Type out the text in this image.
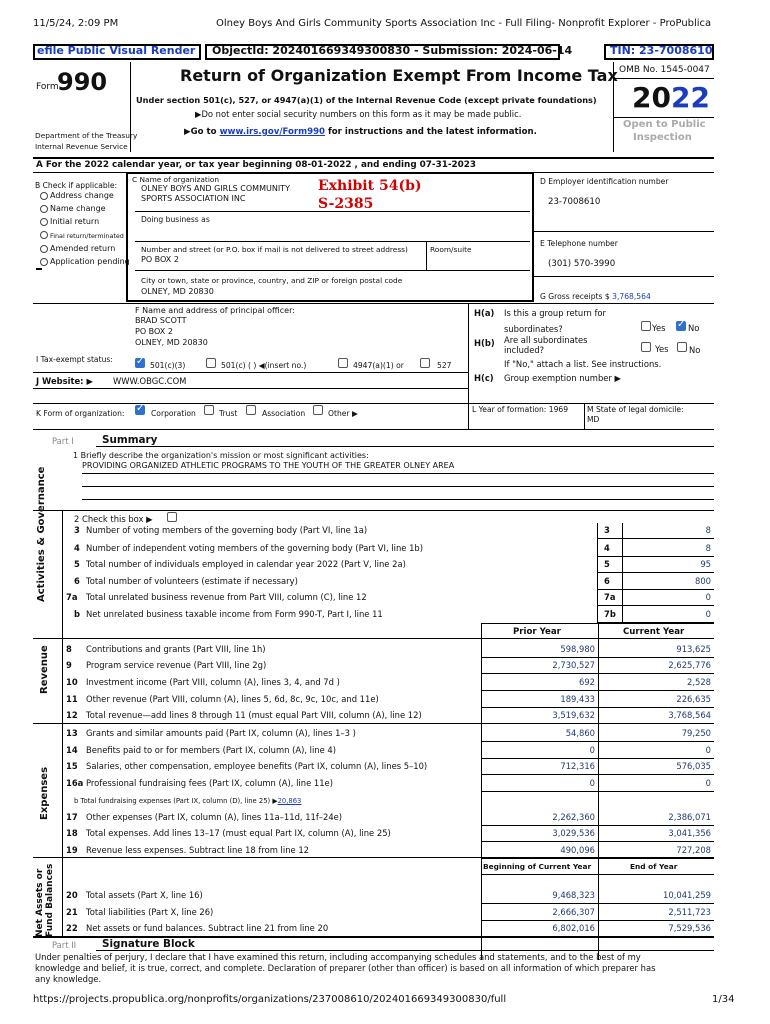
11/5/24, 2:09 PM	Olney Boys And Girls Community Sports Association Inc - Full Filing- Nonprofit Explorer - ProPublica
https://projects.propublica.org/nonprofits/organizations/237008610/202401669349300830/full	1/34
efile Public Visual Render ObjectId: 202401669349300830 - Submission: 2024-06-14	TIN: 23-7008610
Form
990	Return of Organization Exempt From Income Tax
Under section 501(c), 527, or 4947(a)(1) of the Internal Revenue Code (except private foundations)
▶Do not enter social security numbers on this form as it may be made public.
▶Go to www.irs.gov/Form990 for instructions and the latest information.
Department of the Treasury
Internal Revenue Service
OMB No. 1545-0047
2022
Open to Public
Inspection
A For the 2022 calendar year, or tax year beginning 08-01-2022 , and ending 07-31-2023
B Check if applicable:
Address change
Name change
Initial return
Final return/terminated
Amended return
Application pending
C Name of organization
OLNEY BOYS AND GIRLS COMMUNITY
SPORTS ASSOCIATION INC
Exhibit 54(b)
S-2385
Doing business as
Number and street (or P.O. box if mail is not delivered to street address)	Room/suite
PO BOX 2
City or town, state or province, country, and ZIP or foreign postal code
OLNEY, MD 20830
D Employer identification number
23-7008610
E Telephone number
(301) 570-3990
G Gross receipts $ 3,768,564
F Name and address of principal officer:
BRAD SCOTT
PO BOX 2
OLNEY, MD 20830
H(a) Is this a group return for
subordinates?	Yes ✓	No
H(b) Are all subordinates
included?	Yes No
If "No," attach a list. See instructions.
H(c) Group exemption number ▶
I Tax-exempt status:
✓
501(c)(3)	501(c) ( ) ◀(insert no.)	4947(a)(1) or	527
J Website: ▶ WWW.OBGC.COM
K Form of organization: ✓	Corporation	Trust	Association	Other ▶	L Year of formation: 1969 M State of legal domicile:
MD
Part I	Summary
1 Briefly describe the organization's mission or most significant activities:
PROVIDING ORGANIZED ATHLETIC PROGRAMS TO THE YOUTH OF THE GREATER OLNEY AREA
Activities & Governance
Revenue
Expenses
Net Assets or Fund Balances
2 Check this box ▶
3 Number of voting members of the governing body (Part VI, line 1a)	3	8
4 Number of independent voting members of the governing body (Part VI, line 1b)	4	8
5 Total number of individuals employed in calendar year 2022 (Part V, line 2a)	5	95
6 Total number of volunteers (estimate if necessary)	6	800
7a Total unrelated business revenue from Part VIII, column (C), line 12	7a	0
b Net unrelated business taxable income from Form 990-T, Part I, line 11	7b	0
Prior Year	Current Year
8 Contributions and grants (Part VIII, line 1h)	598,980	913,625
9 Program service revenue (Part VIII, line 2g)	2,730,527	2,625,776
10 Investment income (Part VIII, column (A), lines 3, 4, and 7d )	692	2,528
11 Other revenue (Part VIII, column (A), lines 5, 6d, 8c, 9c, 10c, and 11e)	189,433	226,635
12 Total revenue—add lines 8 through 11 (must equal Part VIII, column (A), line 12)	3,519,632	3,768,564
13 Grants and similar amounts paid (Part IX, column (A), lines 1–3 )	54,860	79,250
14 Benefits paid to or for members (Part IX, column (A), line 4)	0	0
15 Salaries, other compensation, employee benefits (Part IX, column (A), lines 5–10)	712,316	576,035
16a Professional fundraising fees (Part IX, column (A), line 11e)	0	0
b Total fundraising expenses (Part IX, column (D), line 25) ▶20,863
17 Other expenses (Part IX, column (A), lines 11a–11d, 11f–24e)	2,262,360	2,386,071
18 Total expenses. Add lines 13–17 (must equal Part IX, column (A), line 25)	3,029,536	3,041,356
19 Revenue less expenses. Subtract line 18 from line 12	490,096	727,208
Beginning of Current Year	End of Year
20 Total assets (Part X, line 16)	9,468,323	10,041,259
21 Total liabilities (Part X, line 26)	2,666,307	2,511,723
22 Net assets or fund balances. Subtract line 21 from line 20	6,802,016	7,529,536
Part II Signature Block
Under penalties of perjury, I declare that I have examined this return, including accompanying schedules and statements, and to the best of my
knowledge and belief, it is true, correct, and complete. Declaration of preparer (other than officer) is based on all information of which preparer has
any knowledge.
